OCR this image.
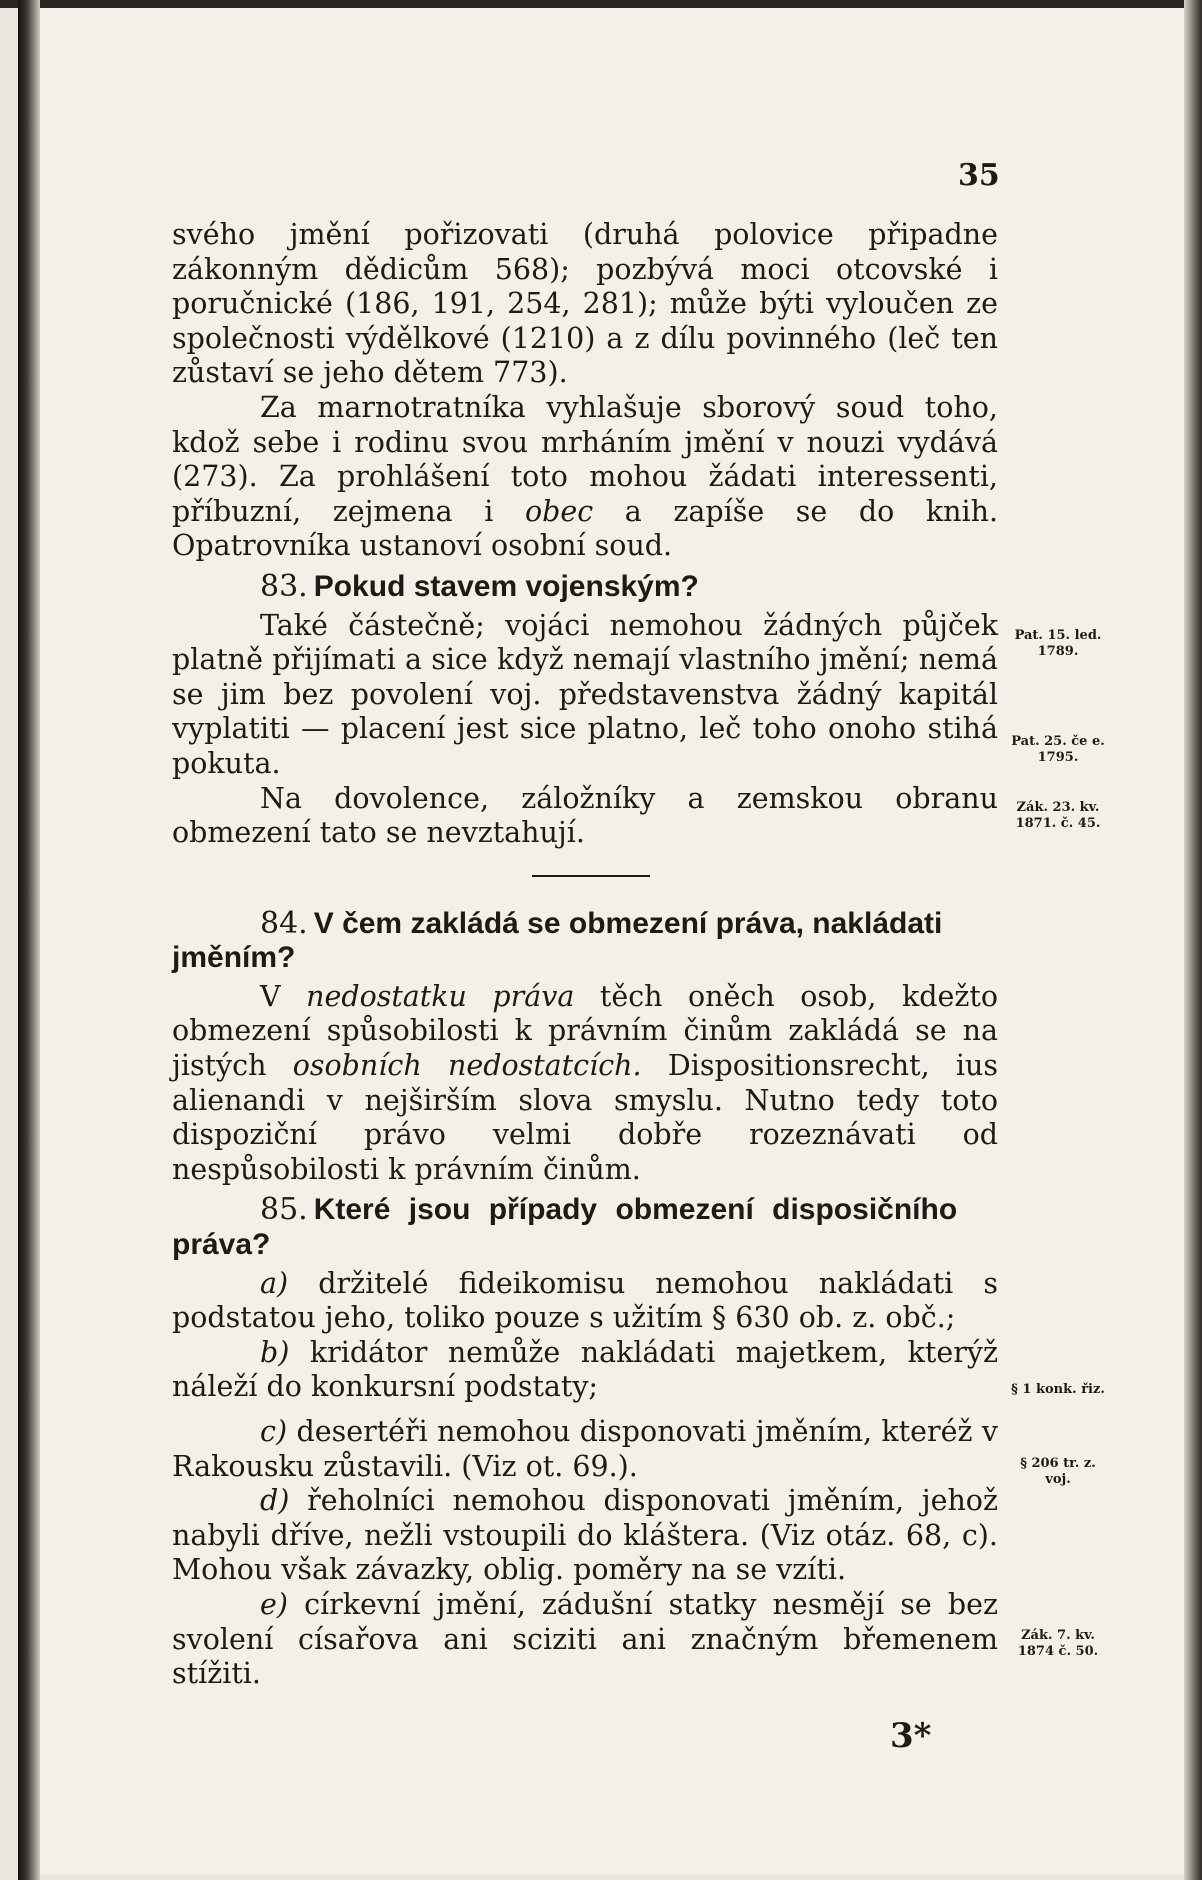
35

svého jmění pořizovati (druhá polovice připadne zákonným dědicům 568); pozbývá moci otcovské i poručnické (186, 191, 254, 281); může býti vyloučen ze společnosti výdělkové (1210) a z dílu povinného (leč ten zůstaví se jeho dětem 773).

Za marnotratníka vyhlašuje sborový soud toho, kdož sebe i rodinu svou mrháním jmění v nouzi vydává (273). Za prohlášení toto mohou žádati interessenti, příbuzní, zejmena i obec a zapíše se do knih. Opatrovníka ustanoví osobní soud.

83. Pokud stavem vojenským?

Také částečně; vojáci nemohou žádných půjček platně přijímati a sice když nemají vlastního jmění; nemá se jim bez povolení voj. představenstva žádný kapitál vyplatiti — placení jest sice platno, leč toho onoho stihá pokuta.

Na dovolence, záložníky a zemskou obranu obmezení tato se nevztahují.

84. V čem zakládá se obmezení práva, nakládati jměním?

V nedostatku práva těch oněch osob, kdežto obmezení spůsobilosti k právním činům zakládá se na jistých osobních nedostatcích. Dispositionsrecht, ius alienandi v nejširším slova smyslu. Nutno tedy toto dispoziční právo velmi dobře rozeznávati od nespůsobilosti k právním činům.

85. Které jsou případy obmezení disposičního práva?

a) držitelé fideikomisu nemohou nakládati s podstatou jeho, toliko pouze s užitím § 630 ob. z. obč.;

b) kridátor nemůže nakládati majetkem, kterýž náleží do konkursní podstaty;

c) desertéři nemohou disponovati jměním, kteréž v Rakousku zůstavili. (Viz ot. 69.).

d) řeholníci nemohou disponovati jměním, jehož nabyli dříve, nežli vstoupili do kláštera. (Viz otáz. 68, c). Mohou však závazky, oblig. poměry na se vzíti.

e) církevní jmění, zádušní statky nesmějí se bez svolení císařova ani sciziti ani značným břemenem stížiti.

Pat. 15. led. 1789.
Pat. 25. če e. 1795.
Zák. 23. kv. 1871. č. 45.
§ 1 konk. řiz.
§ 206 tr. z. voj.
Zák. 7. kv. 1874 č. 50.
3*
